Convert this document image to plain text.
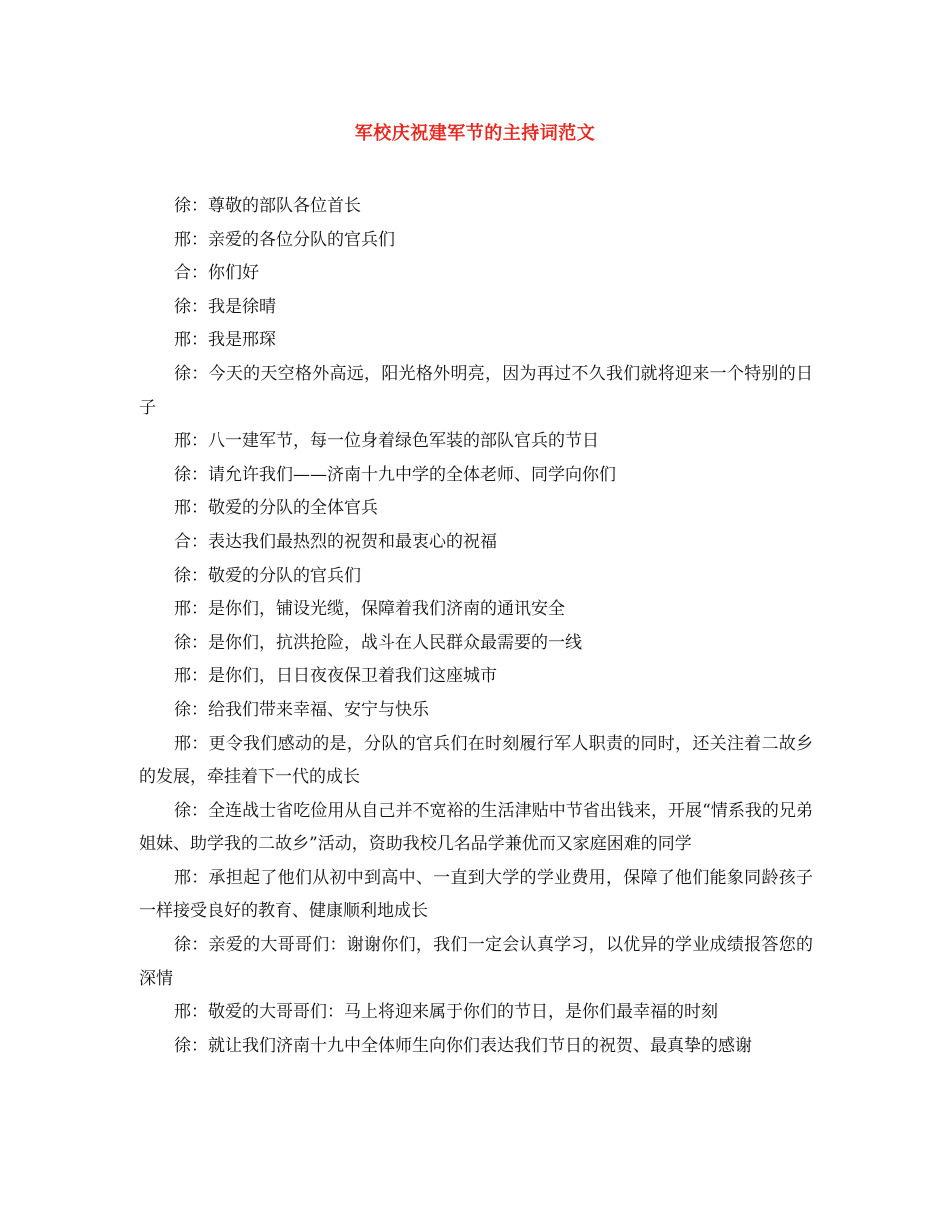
军校庆祝建军节的主持词范文

徐：尊敬的部队各位首长

邢：亲爱的各位分队的官兵们

合：你们好

徐：我是徐晴

邢：我是邢琛

徐：今天的天空格外高远，阳光格外明亮，因为再过不久我们就将迎来一个特别的日子

邢：八一建军节，每一位身着绿色军装的部队官兵的节日

徐：请允许我们——济南十九中学的全体老师、同学向你们

邢：敬爱的分队的全体官兵

合：表达我们最热烈的祝贺和最衷心的祝福

徐：敬爱的分队的官兵们

邢：是你们，铺设光缆，保障着我们济南的通讯安全

徐：是你们，抗洪抢险，战斗在人民群众最需要的一线

邢：是你们，日日夜夜保卫着我们这座城市

徐：给我们带来幸福、安宁与快乐

邢：更令我们感动的是，分队的官兵们在时刻履行军人职责的同时，还关注着二故乡的发展，牵挂着下一代的成长

徐：全连战士省吃俭用从自己并不宽裕的生活津贴中节省出钱来，开展“情系我的兄弟姐妹、助学我的二故乡”活动，资助我校几名品学兼优而又家庭困难的同学

邢：承担起了他们从初中到高中、一直到大学的学业费用，保障了他们能象同龄孩子一样接受良好的教育、健康顺利地成长

徐：亲爱的大哥哥们：谢谢你们，我们一定会认真学习，以优异的学业成绩报答您的深情

邢：敬爱的大哥哥们：马上将迎来属于你们的节日，是你们最幸福的时刻

徐：就让我们济南十九中全体师生向你们表达我们节日的祝贺、最真挚的感谢
